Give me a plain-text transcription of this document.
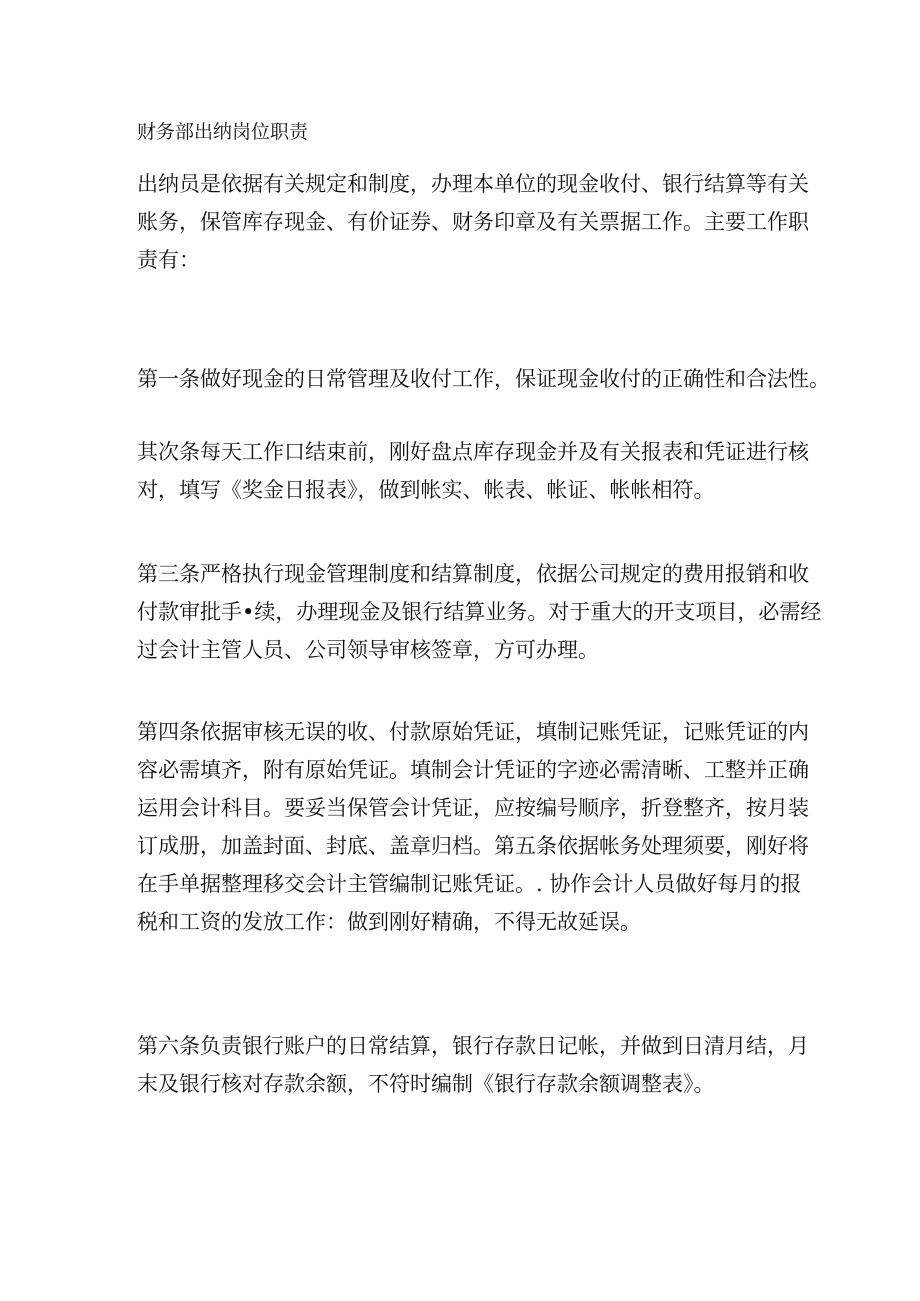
财务部出纳岗位职责
出纳员是依据有关规定和制度，办理本单位的现金收付、银行结算等有关
账务，保管库存现金、有价证券、财务印章及有关票据工作。主要工作职
责有：
第一条做好现金的日常管理及收付工作，保证现金收付的正确性和合法性。
其次条每天工作口结束前，刚好盘点库存现金并及有关报表和凭证进行核
对，填写《奖金日报表》，做到帐实、帐表、帐证、帐帐相符。
第三条严格执行现金管理制度和结算制度，依据公司规定的费用报销和收
付款审批手•续，办理现金及银行结算业务。对于重大的开支项目，必需经
过会计主管人员、公司领导审核签章，方可办理。
第四条依据审核无误的收、付款原始凭证，填制记账凭证，记账凭证的内
容必需填齐，附有原始凭证。填制会计凭证的字迹必需清晰、工整并正确
运用会计科目。要妥当保管会计凭证，应按编号顺序，折登整齐，按月装
订成册，加盖封面、封底、盖章归档。第五条依据帐务处理须要，刚好将
在手单据整理移交会计主管编制记账凭证。. 协作会计人员做好每月的报
税和工资的发放工作：做到刚好精确，不得无故延误。
第六条负责银行账户的日常结算，银行存款日记帐，并做到日清月结，月
末及银行核对存款余额，不符时编制《银行存款余额调整表》。
